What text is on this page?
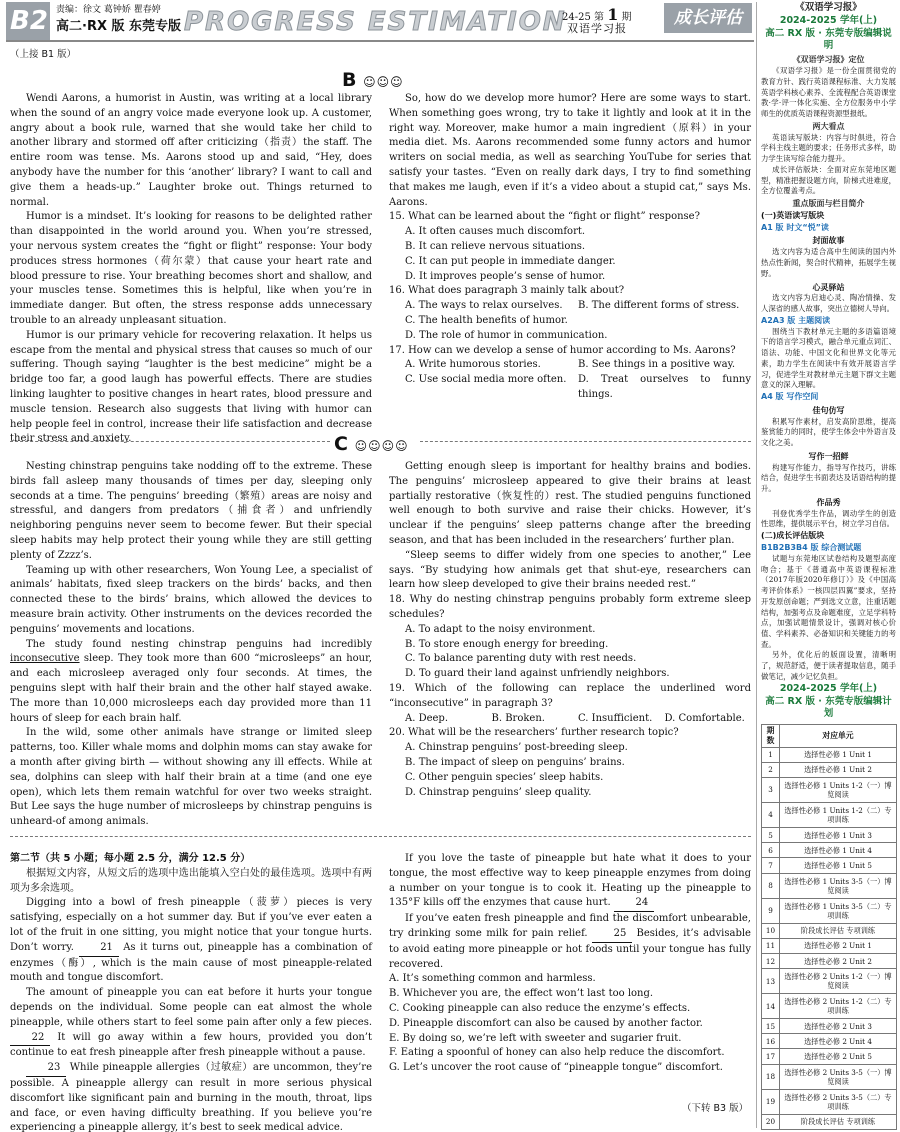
B2 责编：徐文 葛钟娇 瞿春婷
高二·RX 版 东莞专版 PROGRESS ESTIMATION
24-25 第 1 期
双语学习报
成长评估
（上接 B1 版）
B ☺☺☺

Wendi Aarons, a humorist in Austin, was writing at a local library when the sound of an angry voice made everyone look up. A customer, angry about a book rule, warned that she would take her child to another library and stormed off after criticizing（指责）the staff. The entire room was tense. Ms. Aarons stood up and said, “Hey, does anybody have the number for this ‘another’ library? I want to call and give them a heads-up.” Laughter broke out. Things returned to normal.

Humor is a mindset. It’s looking for reasons to be delighted rather than disappointed in the world around you. When you’re stressed, your nervous system creates the “fight or flight” response: Your body produces stress hormones（荷尔蒙）that cause your heart rate and blood pressure to rise. Your breathing becomes short and shallow, and your muscles tense. Sometimes this is helpful, like when you’re in immediate danger. But often, the stress response adds unnecessary trouble to an already unpleasant situation.

Humor is our primary vehicle for recovering relaxation. It helps us escape from the mental and physical stress that causes so much of our suffering. Though saying “laughter is the best medicine” might be a bridge too far, a good laugh has powerful effects. There are studies linking laughter to positive changes in heart rates, blood pressure and muscle tension. Research also suggests that living with humor can help people feel in control, increase their life satisfaction and decrease their stress and anxiety.

So, how do we develop more humor? Here are some ways to start. When something goes wrong, try to take it lightly and look at it in the right way. Moreover, make humor a main ingredient（原料）in your media diet. Ms. Aarons recommended some funny actors and humor writers on social media, as well as searching YouTube for series that satisfy your tastes. “Even on really dark days, I try to find something that makes me laugh, even if it’s a video about a stupid cat,” says Ms. Aarons.

15. What can be learned about the “fight or flight” response?

A. It often causes much discomfort.

B. It can relieve nervous situations.

C. It can put people in immediate danger.

D. It improves people’s sense of humor.

16. What does paragraph 3 mainly talk about?

A. The ways to relax ourselves.	B. The different forms of stress.

C. The health benefits of humor.

D. The role of humor in communication.

17. How can we develop a sense of humor according to Ms. Aarons?

A. Write humorous stories.	B. See things in a positive way.
C. Use social media more often.	D. Treat ourselves to funny things.
C ☺☺☺☺

Nesting chinstrap penguins take nodding off to the extreme. These birds fall asleep many thousands of times per day, sleeping only seconds at a time. The penguins’ breeding（繁殖）areas are noisy and stressful, and dangers from predators（捕食者）and unfriendly neighboring penguins never seem to become fewer. But their special sleep habits may help protect their young while they are still getting plenty of Zzzz’s.

Teaming up with other researchers, Won Young Lee, a specialist of animals’ habitats, fixed sleep trackers on the birds’ backs, and then connected these to the birds’ brains, which allowed the devices to measure brain activity. Other instruments on the devices recorded the penguins’ movements and locations.

The study found nesting chinstrap penguins had incredibly inconsecutive sleep. They took more than 600 “microsleeps” an hour, and each microsleep averaged only four seconds. At times, the penguins slept with half their brain and the other half stayed awake. The more than 10,000 microsleeps each day provided more than 11 hours of sleep for each brain half.

In the wild, some other animals have strange or limited sleep patterns, too. Killer whale moms and dolphin moms can stay awake for a month after giving birth — without showing any ill effects. While at sea, dolphins can sleep with half their brain at a time (and one eye open), which lets them remain watchful for over two weeks straight. But Lee says the huge number of microsleeps by chinstrap penguins is unheard-of among animals.

Getting enough sleep is important for healthy brains and bodies. The penguins’ microsleep appeared to give their brains at least partially restorative（恢复性的）rest. The studied penguins functioned well enough to both survive and raise their chicks. However, it’s unclear if the penguins’ sleep patterns change after the breeding season, and that has been included in the researchers’ further plan.

“Sleep seems to differ widely from one species to another,” Lee says. “By studying how animals get that shut-eye, researchers can learn how sleep developed to give their brains needed rest.”

18. Why do nesting chinstrap penguins probably form extreme sleep schedules?

A. To adapt to the noisy environment.

B. To store enough energy for breeding.

C. To balance parenting duty with rest needs.

D. To guard their land against unfriendly neighbors.

19. Which of the following can replace the underlined word “inconsecutive” in paragraph 3?

A. Deep.	B. Broken.	C. Insufficient.	D. Comfortable.

20. What will be the researchers’ further research topic?

A. Chinstrap penguins’ post-breeding sleep.

B. The impact of sleep on penguins’ brains.

C. Other penguin species’ sleep habits.

D. Chinstrap penguins’ sleep quality.

第二节（共 5 小题；每小题 2.5 分，满分 12.5 分）

根据短文内容，从短文后的选项中选出能填入空白处的最佳选项。选项中有两项为多余选项。

Digging into a bowl of fresh pineapple（菠萝）pieces is very satisfying, especially on a hot summer day. But if you’ve ever eaten a lot of the fruit in one sitting, you might notice that your tongue hurts. Don’t worry.	21 As it turns out, pineapple has a combination of enzymes（酶）, which is the main cause of most pineapple-related mouth and tongue discomfort.

The amount of pineapple you can eat before it hurts your tongue depends on the individual. Some people can eat almost the whole pineapple, while others start to feel some pain after only a few pieces. 22 It will go away within a few hours, provided you don’t continue to eat fresh pineapple after fresh pineapple without a pause.

23 While pineapple allergies（过敏症）are uncommon, they’re possible. A pineapple allergy can result in more serious physical discomfort like significant pain and burning in the mouth, throat, lips and face, or even having difficulty breathing. If you believe you’re experiencing a pineapple allergy, it’s best to seek medical advice.

If you love the taste of pineapple but hate what it does to your tongue, the most effective way to keep pineapple enzymes from doing a number on your tongue is to cook it. Heating up the pineapple to 135°F kills off the enzymes that cause hurt. 24

If you’ve eaten fresh pineapple and find the discomfort unbearable, try drinking some milk for pain relief.	25 Besides, it’s advisable to avoid eating more pineapple or hot foods until your tongue has fully recovered.

A. It’s something common and harmless.

B. Whichever you are, the effect won’t last too long.

C. Cooking pineapple can also reduce the enzyme’s effects.

D. Pineapple discomfort can also be caused by another factor.

E. By doing so, we’re left with sweeter and sugarier fruit.

F. Eating a spoonful of honey can also help reduce the discomfort.

G. Let’s uncover the root cause of “pineapple tongue” discomfort.

（下转 B3 版）
《双语学习报》
2024-2025 学年(上)
高二 RX 版 · 东莞专版编辑说明
《双语学习报》定位
《双语学习报》是一份全面贯彻党的教育方针、践行英语课程标准、大力发展英语学科核心素养、全流程配合英语课堂教·学·评一体化实施、全方位服务中小学师生的优质英语课程资源型报纸。
两大看点
英语读写版块：内容与时俱进，符合学科主线主题的要求；任务形式多样，助力学生读写综合能力提升。
成长评估版块：全面对应东莞地区题型，精准把握设题方向，阶梯式进难度，全方位覆盖考点。
重点版面与栏目简介
(一)英语读写版块
A1 版 时文“悦”读
封面故事
选文内容为适合高中生阅读的国内外热点性新闻，契合时代精神，拓展学生视野。
心灵驿站
选文内容为启迪心灵、陶冶情操、发人深省的感人故事，突出立德树人导向。
A2A3 版 主题阅读
围绕当下教材单元主题的多语篇语境下的语言学习模式，融合单元重点词汇、语法、功能、中国文化和世界文化等元素，助力学生在阅读中有效开展语言学习，促进学生对教材单元主题下群文主题意义的深入理解。
A4 版 写作空间
佳句仿写
积累写作素材，启发高阶思维，提高鉴赏能力的同时，使学生体会中外语言及文化之美。
写作一招鲜
构建写作能力，指导写作技巧，讲练结合，促进学生书面表达及话语结构的提升。
作品秀
刊登优秀学生作品，调动学生的创造性思维，提供展示平台，树立学习自信。
(二)成长评估版块
B1B2B3B4 版 综合测试题
试题与东莞地区试卷结构及题型高度吻合；基于《普通高中英语课程标准（2017年版2020年修订）》及《中国高考评价体系》一核四层四翼”要求，坚持开发原创命题；严到选文立意，注重话题结构，加强考点及命题难度，立足学科特点，加强试题情景设计，强调对核心价值、学科素养、必备知识和关键能力的考查。
另外，优化后的版面设置，清晰明了，规范舒适，便于读者提取信息，随手做笔记，减少记忆负担。
2024-2025 学年(上)
高二 RX 版 · 东莞专版编辑计划
期数	对应单元
1	选择性必修 1 Unit 1
2	选择性必修 1 Unit 2
3	选择性必修 1 Units 1-2（一）博览阅读
4	选择性必修 1 Units 1-2（二）专项训练
5	选择性必修 1 Unit 3
6	选择性必修 1 Unit 4
7	选择性必修 1 Unit 5
8	选择性必修 1 Units 3-5（一）博览阅读
9	选择性必修 1 Units 3-5（二）专项训练
10	阶段成长评估 专项训练
11	选择性必修 2 Unit 1
12	选择性必修 2 Unit 2
13	选择性必修 2 Units 1-2（一）博览阅读
14	选择性必修 2 Units 1-2（二）专项训练
15	选择性必修 2 Unit 3
16	选择性必修 2 Unit 4
17	选择性必修 2 Unit 5
18	选择性必修 2 Units 3-5（一）博览阅读
19	选择性必修 2 Units 3-5（二）专项训练
20	阶段成长评估 专项训练
